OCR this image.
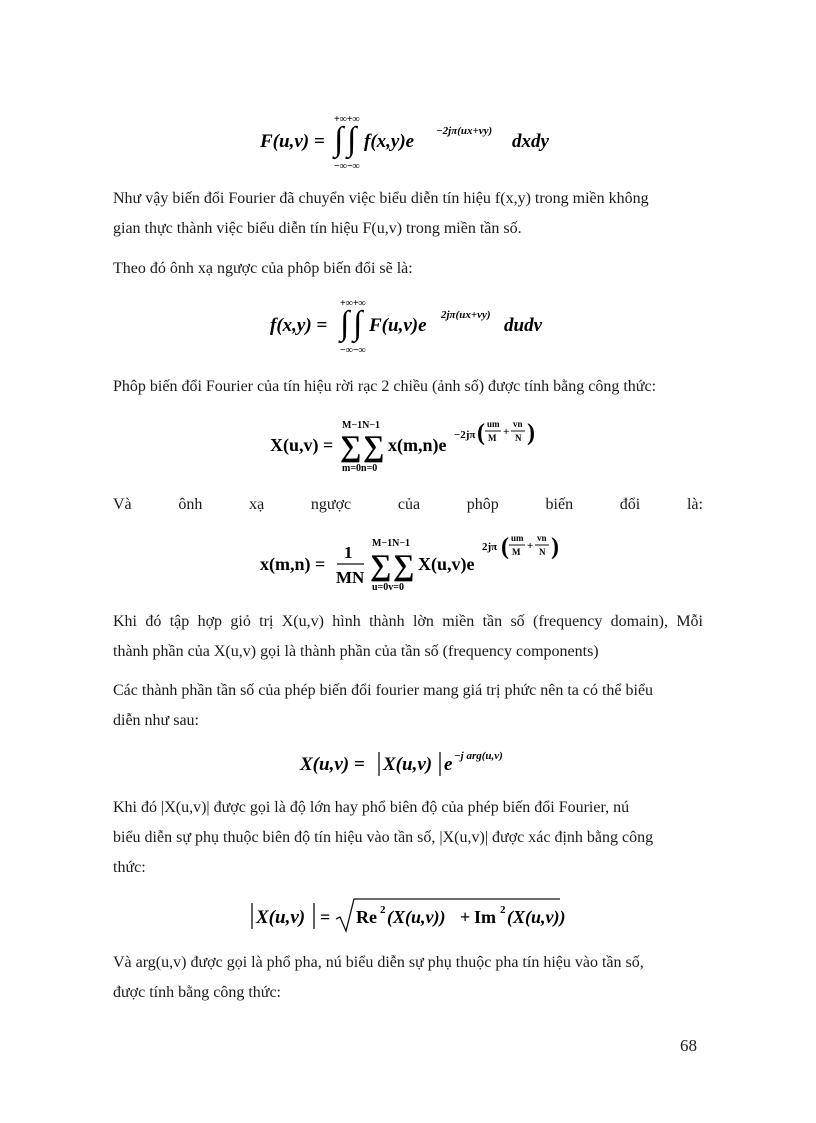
F(u,v) =
+∞+∞
∫ ∫
−∞−∞
f(x,y)e −2jπ(ux+vy) dxdy
Như vậy biến đổi Fourier đã chuyển việc biểu diễn tín hiệu f(x,y) trong miền không
gian thực thành việc biểu diễn tín hiệu F(u,v) trong miền tần số.
Theo đó ônh xạ ngược của phôp biến đổi sẽ là:
f(x,y) =
+∞+∞
∫ ∫
−∞−∞
F(u,v)e 2jπ(ux+vy) dudv
Phôp biến đổi Fourier của tín hiệu rời rạc 2 chiều (ảnh số) được tính bằng công thức:
X(u,v) =
M−1N−1
∑ ∑
m=0n=0
x(m,n)e −2jπ ( um
M +
vn
N )
Và	ônh	xạ	ngược	của	phôp	biến	đổi	là:
x(m,n) =
1
MN
M−1N−1
∑ ∑
u=0v=0
X(u,v)e
2jπ ( um
M +
vn
N )
Khi đó tập hợp giỏ trị X(u,v) hình thành lờn miền tần số (frequency domain), Mỗi
thành phần của X(u,v) gọi là thành phần của tần số (frequency components)
Các thành phần tần số của phép biến đổi fourier mang giá trị phức nên ta có thể biểu
diễn như sau:
X(u,v) = X(u,v) e −j arg(u,v)
Khi đó |X(u,v)| được gọi là độ lớn hay phổ biên độ của phép biến đổi Fourier, nú
biểu diễn sự phụ thuộc biên độ tín hiệu vào tần số, |X(u,v)| được xác định bằng công
thức:
X(u,v) = Re 2 (X(u,v)) + Im 2 (X(u,v))
Và arg(u,v) được gọi là phổ pha, nú biểu diễn sự phụ thuộc pha tín hiệu vào tần số,
được tính bằng công thức:
68
